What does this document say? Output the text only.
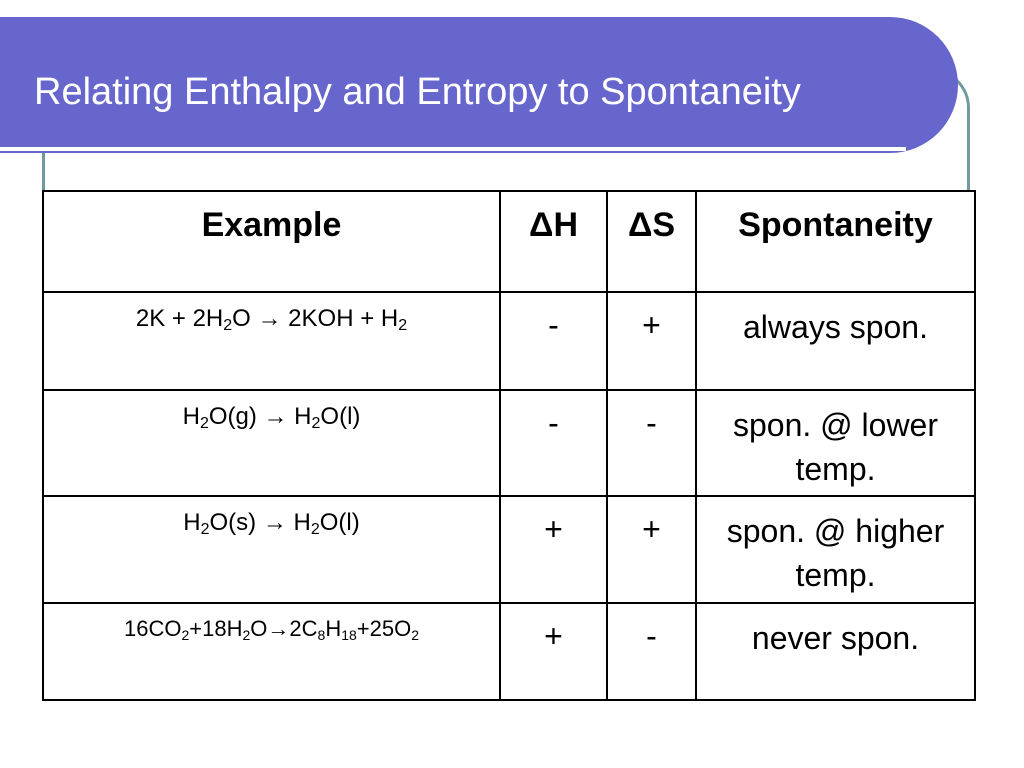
Relating Enthalpy and Entropy to Spontaneity
Example	ΔH	ΔS	Spontaneity
$2K + 2H_2O \to 2KOH + H_2$	-	+	always spon.
$H_2O(g) \to H_2O(l)$	-	-	spon. @ lower temp.
$H_2O(s) \to H_2O(l)$	+	+	spon. @ higher temp.
$16CO_2+18H_2O\to 2C_8H_{18}+25O_2$	+	-	never spon.
